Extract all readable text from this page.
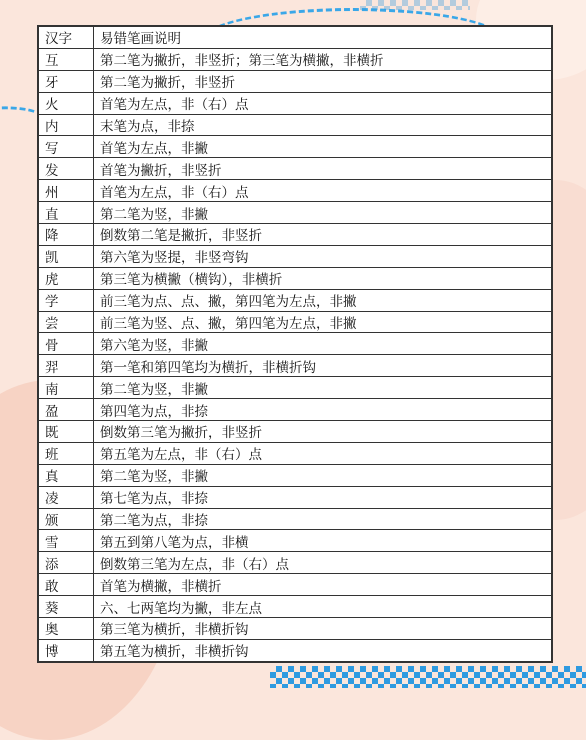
汉字	易错笔画说明
互	第二笔为撇折，非竖折；第三笔为横撇，非横折
牙	第二笔为撇折，非竖折
火	首笔为左点，非（右）点
内	末笔为点，非捺
写	首笔为左点，非撇
发	首笔为撇折，非竖折
州	首笔为左点，非（右）点
直	第二笔为竖，非撇
降	倒数第二笔是撇折，非竖折
凯	第六笔为竖提，非竖弯钩
虎	第三笔为横撇（横钩），非横折
学	前三笔为点、点、撇，第四笔为左点，非撇
尝	前三笔为竖、点、撇，第四笔为左点，非撇
骨	第六笔为竖，非撇
羿	第一笔和第四笔均为横折，非横折钩
南	第二笔为竖，非撇
盈	第四笔为点，非捺
既	倒数第三笔为撇折，非竖折
班	第五笔为左点，非（右）点
真	第二笔为竖，非撇
凌	第七笔为点，非捺
颁	第二笔为点，非捺
雪	第五到第八笔为点，非横
添	倒数第三笔为左点，非（右）点
敢	首笔为横撇，非横折
葵	六、七两笔均为撇，非左点
奥	第三笔为横折，非横折钩
博	第五笔为横折，非横折钩
